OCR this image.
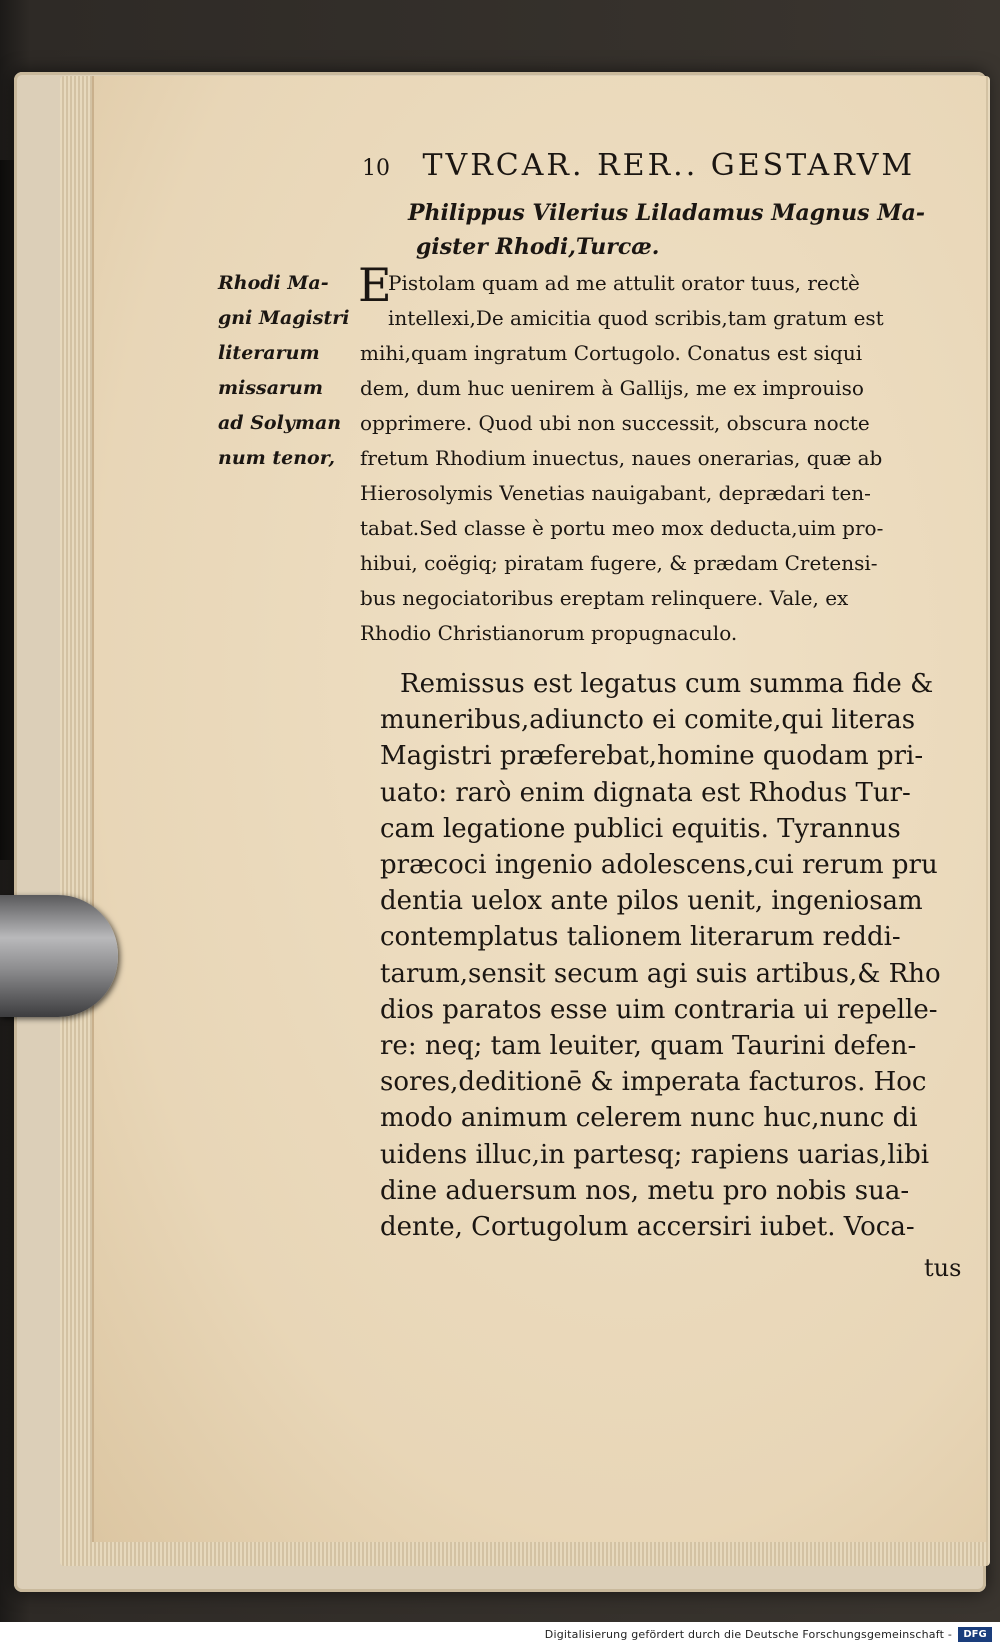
10 TVRCAR. RER.. GESTARVM
Philippus Vilerius Liladamus Magnus Ma-
gister Rhodi,Turcæ.
Rhodi Ma-
gni Magistri
literarum
missarum
ad Solyman
num tenor,
E
Pistolam quam ad me attulit orator tuus, rectè
intellexi,De amicitia quod scribis,tam gratum est
mihi,quam ingratum Cortugolo. Conatus est siqui
dem, dum huc uenirem à Gallijs, me ex improuiso
opprimere. Quod ubi non successit, obscura nocte
fretum Rhodium inuectus, naues onerarias, quæ ab
Hierosolymis Venetias nauigabant, deprædari ten-
tabat.Sed classe è portu meo mox deducta,uim pro-
hibui, coëgiq; piratam fugere, & prædam Cretensi-
bus negociatoribus ereptam relinquere. Vale, ex
Rhodio Christianorum propugnaculo.
Remissus est legatus cum summa fide &
muneribus,adiuncto ei comite,qui literas
Magistri præferebat,homine quodam pri-
uato: rarò enim dignata est Rhodus Tur-
cam legatione publici equitis. Tyrannus
præcoci ingenio adolescens,cui rerum pru
dentia uelox ante pilos uenit, ingeniosam
contemplatus talionem literarum reddi-
tarum,sensit secum agi suis artibus,& Rho
dios paratos esse uim contraria ui repelle-
re: neq; tam leuiter, quam Taurini defen-
sores,deditionē & imperata facturos. Hoc
modo animum celerem nunc huc,nunc di
uidens illuc,in partesq; rapiens uarias,libi
dine aduersum nos, metu pro nobis sua-
dente, Cortugolum accersiri iubet. Voca-
tus
Digitalisierung gefördert durch die Deutsche Forschungsgemeinschaft -	DFG
